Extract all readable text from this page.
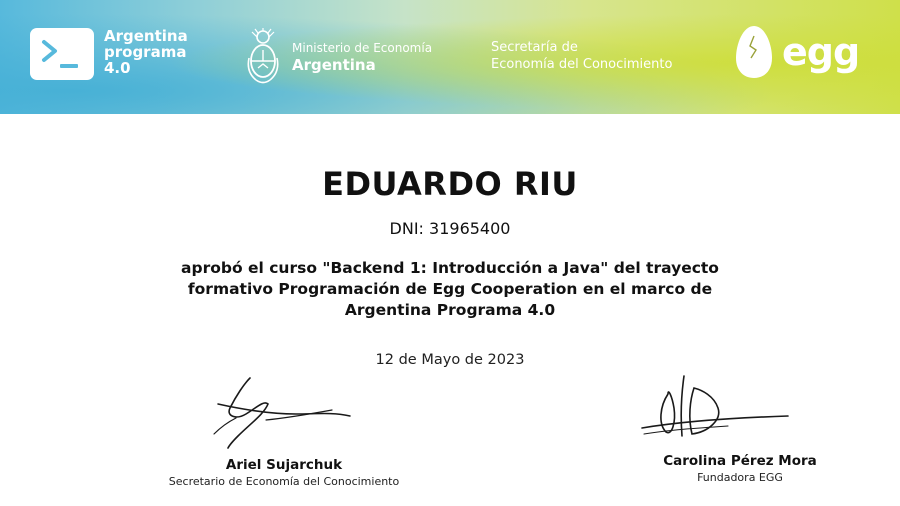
Argentina
programa
4.0
Ministerio de Economía
Argentina
Secretaría de
Economía del Conocimiento	egg
EDUARDO RIU
DNI: 31965400
aprobó el curso "Backend 1: Introducción a Java" del trayecto
formativo Programación de Egg Cooperation en el marco de
Argentina Programa 4.0
12 de Mayo de 2023
Ariel Sujarchuk
Secretario de Economía del Conocimiento
Carolina Pérez Mora
Fundadora EGG
